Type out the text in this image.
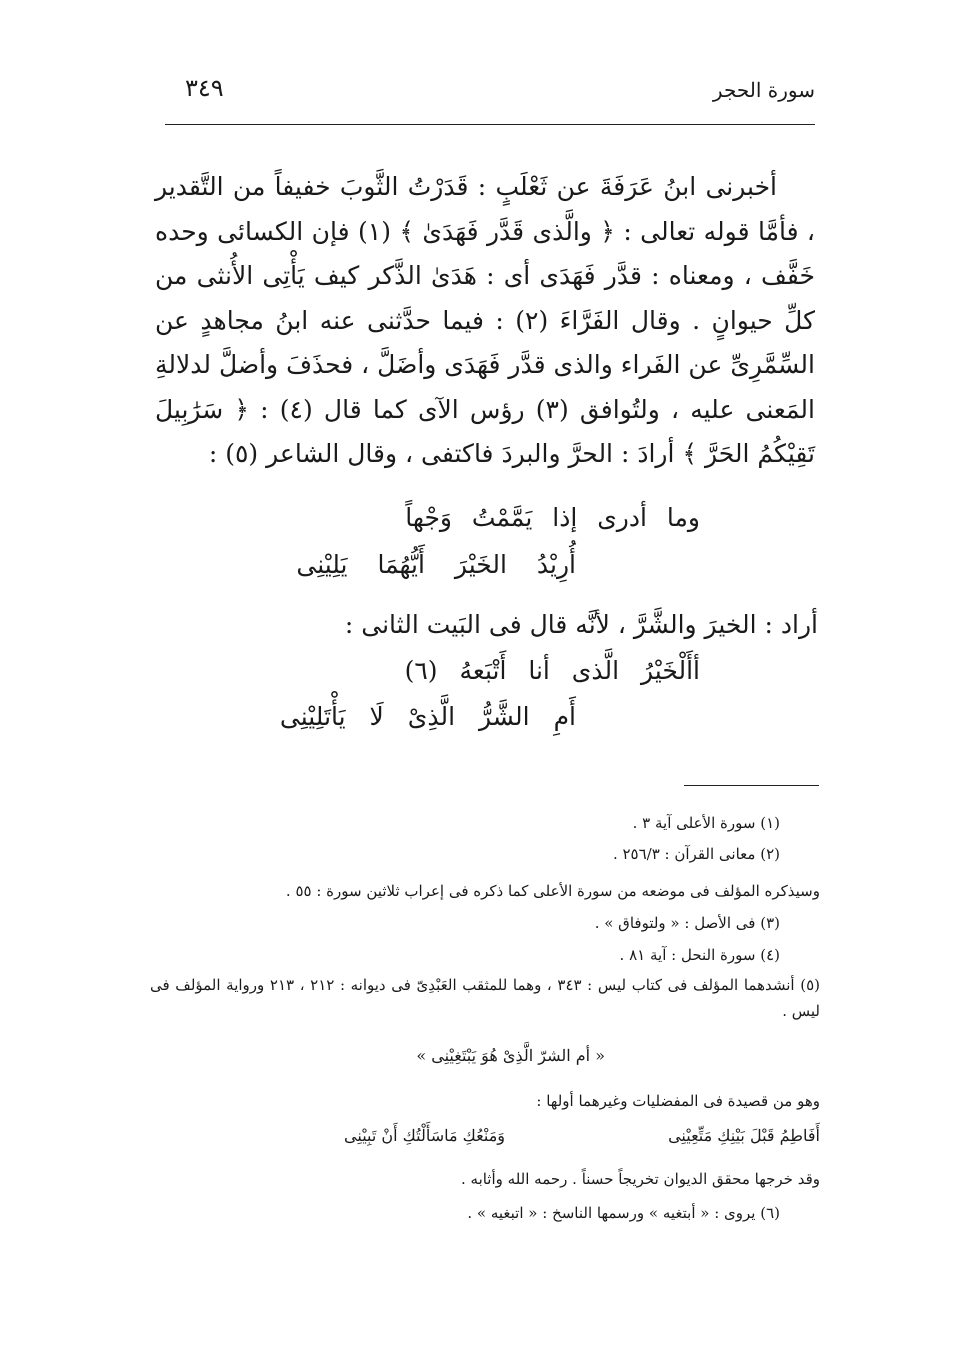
سورة الحجر
٣٤٩
أخبرنى ابنُ عَرَفَةَ عن ثَعْلَبٍ : قَدَرْتُ الثَّوبَ خفيفاً من التَّقدير ، فأمَّا قوله تعالى : ﴿ والَّذى قَدَّر فَهَدَىٰ ﴾ (١) فإن الكسائى وحده خَفَّف ، ومعناه : قدَّر فَهَدَى أى : هَدَىٰ الذَّكر كيف يَأْتِى الأُنثى من كلِّ حيوانٍ . وقال الفَرَّاءَ (٢) : فيما حدَّثنى عنه ابنُ مجاهدٍ عن السِّمَّرِىِّ عن الفَراء والذى قدَّر فَهَدَى وأضَلَّ ، فحذَفَ وأضلَّ لدلالةِ المَعنى عليه ، ولتُوافق (٣) رؤس الآى كما قال (٤) : ﴿ سَرَٰبِيلَ تَقِيْكُمُ الحَرَّ ﴾ أرادَ : الحرَّ والبردَ فاكتفى ، وقال الشاعر (٥) :
وما أدرى إذا يَمَّمْتُ وَجْهاً
أُرِيْدُ الخَيْرَ أَيُّهُمَا يَلِيْنِى
أراد : الخيرَ والشَّرَّ ، لأنَّه قال فى البَيت الثانى :
أأَلْخَيْرُ الَّذى أنا أَتْبَعهُ (٦)
أَمِ الشَّرُّ الَّذِىْ لَا يَأْتَلِيْنِى
(١) سورة الأعلى آية ٣ .
(٢) معانى القرآن : ٢٥٦/٣ .
وسيذكره المؤلف فى موضعه من سورة الأعلى كما ذكره فى إعراب ثلاثين سورة : ٥٥ .
(٣) فى الأصل : « ولتوفاق » .
(٤) سورة النحل : آية ٨١ .
(٥) أنشدهما المؤلف فى كتاب ليس : ٣٤٣ ، وهما للمثقب العَبْدِىّ فى ديوانه : ٢١٢ ، ٢١٣ ورواية المؤلف فى ليس .
« أم الشرّ الَّذِىْ هُوَ يَبْتَغِيْنِى »
وهو من قصيدة فى المفضليات وغيرهما أولها :
أَفَاطِمُ قَبْلَ بَيْنِكِ مَتِّعِيْنِى
وَمَنْعُكِ مَاسَأَلْتُكِ أَنْ تَبِيْنِى
وقد خرجها محقق الديوان تخريجاً حسناً . رحمه الله وأثابه .
(٦) يروى : « أبتغيه » ورسمها الناسخ : « اتبغيه » .
